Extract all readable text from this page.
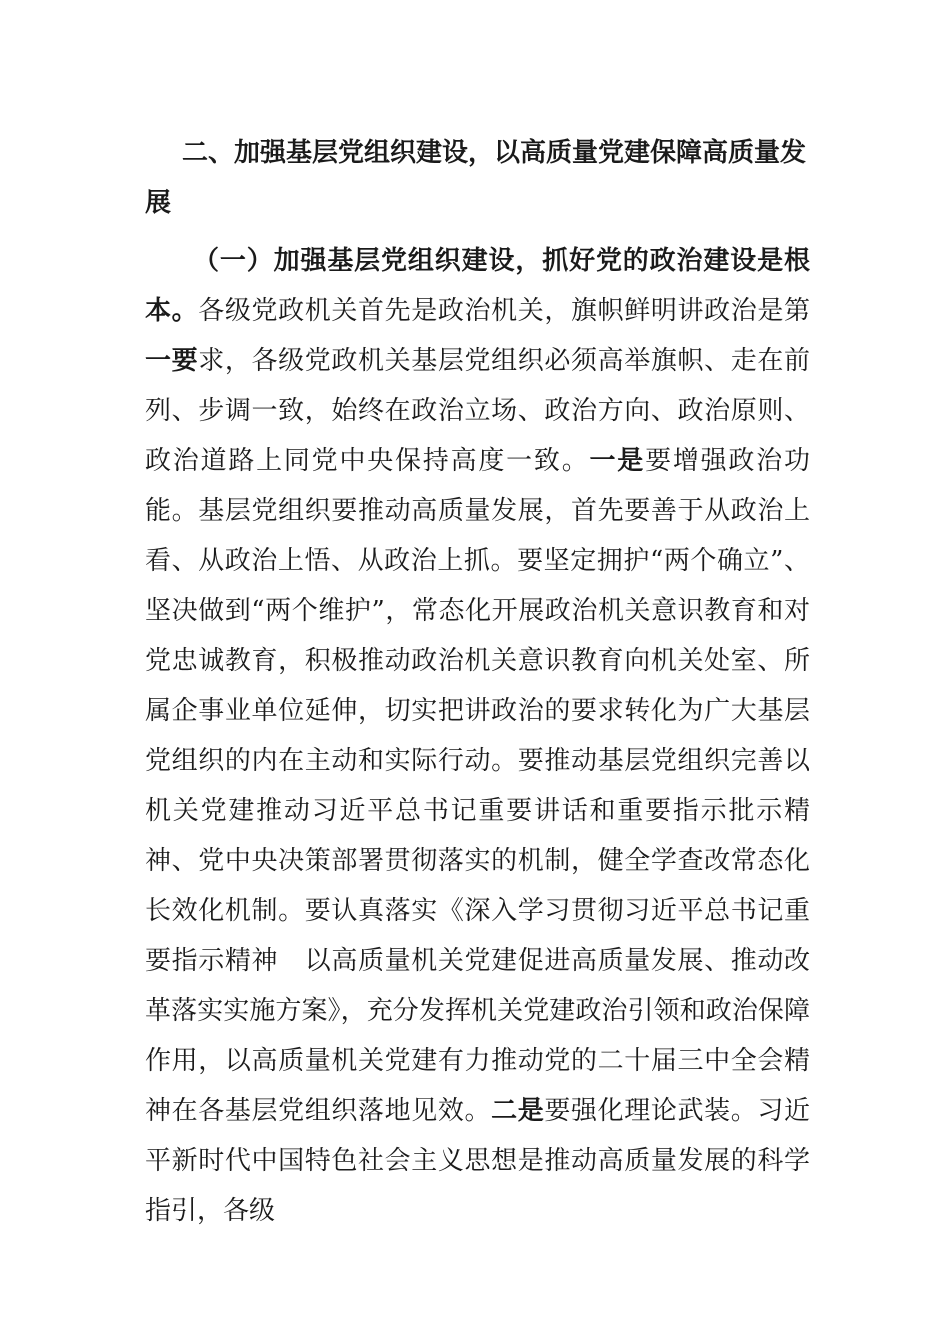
二、加强基层党组织建设，以高质量党建保障高质量发展
（一）加强基层党组织建设，抓好党的政治建设是根本。各级党政机关首先是政治机关，旗帜鲜明讲政治是第一要求，各级党政机关基层党组织必须高举旗帜、走在前列、步调一致，始终在政治立场、政治方向、政治原则、政治道路上同党中央保持高度一致。一是要增强政治功能。基层党组织要推动高质量发展，首先要善于从政治上看、从政治上悟、从政治上抓。要坚定拥护“两个确立”、坚决做到“两个维护”，常态化开展政治机关意识教育和对党忠诚教育，积极推动政治机关意识教育向机关处室、所属企事业单位延伸，切实把讲政治的要求转化为广大基层党组织的内在主动和实际行动。要推动基层党组织完善以机关党建推动习近平总书记重要讲话和重要指示批示精神、党中央决策部署贯彻落实的机制，健全学查改常态化长效化机制。要认真落实《深入学习贯彻习近平总书记重要指示精神　以高质量机关党建促进高质量发展、推动改革落实实施方案》，充分发挥机关党建政治引领和政治保障作用，以高质量机关党建有力推动党的二十届三中全会精神在各基层党组织落地见效。二是要强化理论武装。习近平新时代中国特色社会主义思想是推动高质量发展的科学指引，各级
